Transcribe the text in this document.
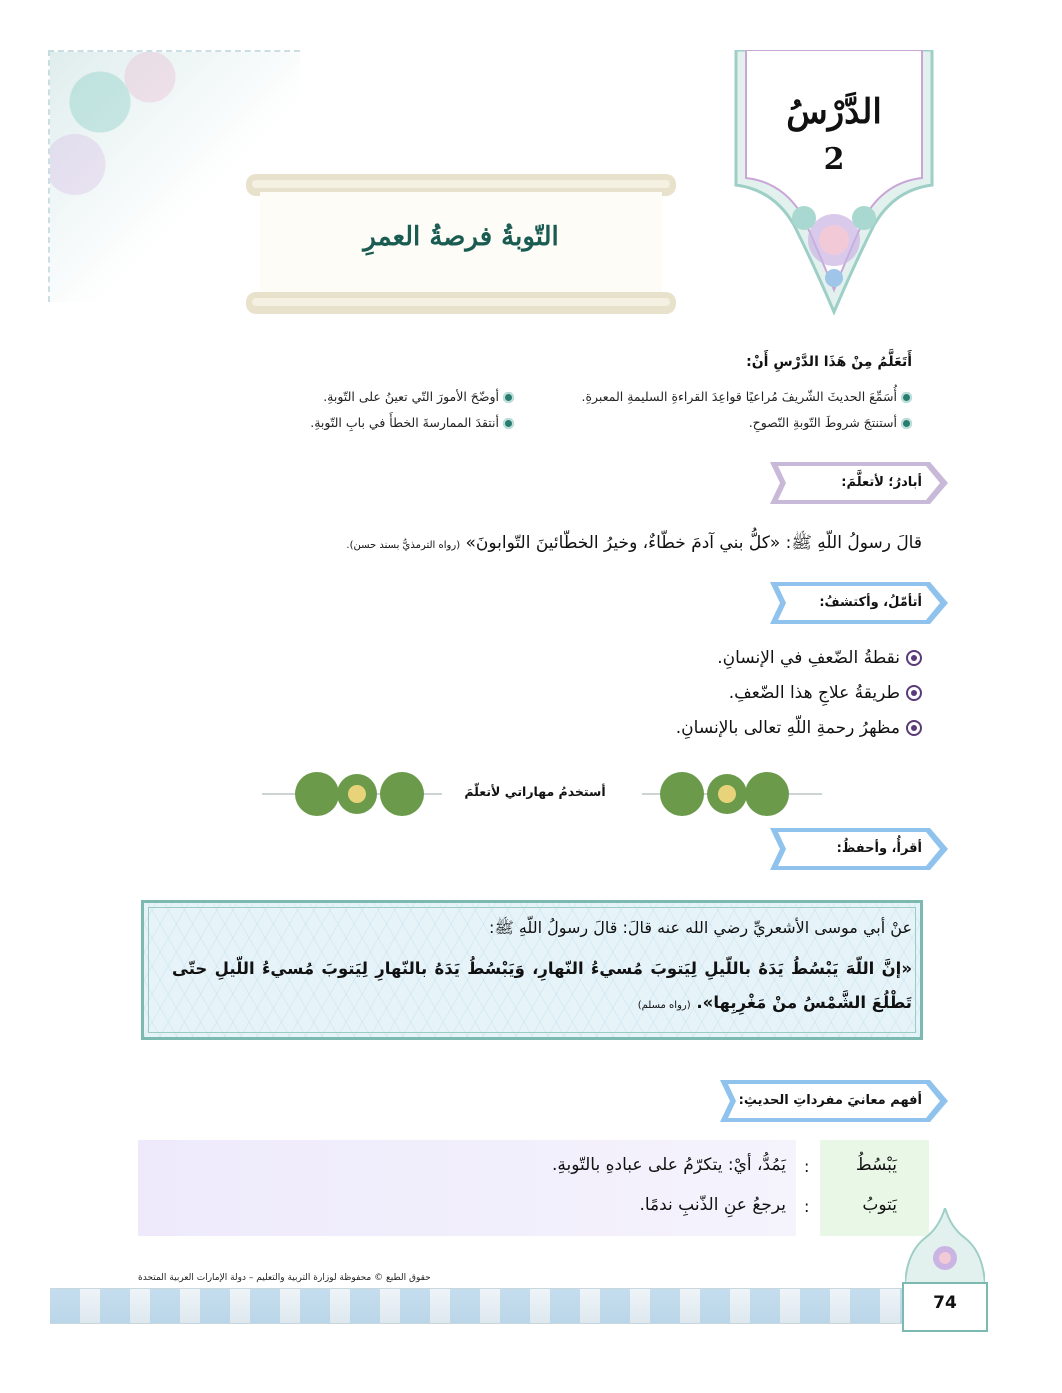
الدَّرْسُ
2
التّوبةُ فرصةُ العمرِ
أَتَعَلَّمُ مِنْ هَذَا الدَّرْسِ أَنْ:
أُسَمِّعَ الحديثَ الشّريفَ مُراعيًا قواعِدَ القراءةِ السليمةِ المعبرةِ.
أوضّحَ الأمورَ التّي تعينُ على التّوبةِ.
أستنتجَ شروطَ التّوبةِ النّصوحِ.
أنتقدَ الممارسةَ الخطأَ في بابِ التّوبةِ.
أبادرُ؛ لأتعلَّمَ:
قالَ رسولُ اللّهِ ﷺ: «كلُّ بني آدمَ خطّاءٌ، وخيرُ الخطّائينَ التّوابونَ» (رواه الترمذيُّ بسند حسن).
أتأمّلُ، وأكتشفُ:
نقطةُ الضّعفِ في الإنسانِ.
طريقةُ علاجِ هذا الضّعفِ.
مظهرُ رحمةِ اللّهِ تعالى بالإنسانِ.
أستخدمُ مهاراتي لأتعلّمَ
أقرأُ، وأحفظُ:
عنْ أبي موسى الأشعريِّ رضي الله عنه قالَ: قالَ رسولُ اللّهِ ﷺ:
«إنَّ اللّهَ يَبْسُطُ يَدَهُ باللّيلِ لِيَتوبَ مُسيءُ النّهارِ، وَيَبْسُطُ يَدَهُ بالنّهارِ لِيَتوبَ مُسيءُ اللّيلِ حتّى تَطْلُعَ الشَّمْسُ منْ مَغْرِبِها». (رواه مسلم)
أفهم معانيَ مفرداتِ الحديثِ:
يَبْسُطُ
:
يَمُدُّ، أيْ: يتكرّمُ على عبادهِ بالتّوبةِ.
يَتوبُ
:
يرجعُ عنِ الذّنبِ ندمًا.
حقوق الطبع © محفوظة لوزارة التربية والتعليم – دولة الإمارات العربية المتحدة
74
